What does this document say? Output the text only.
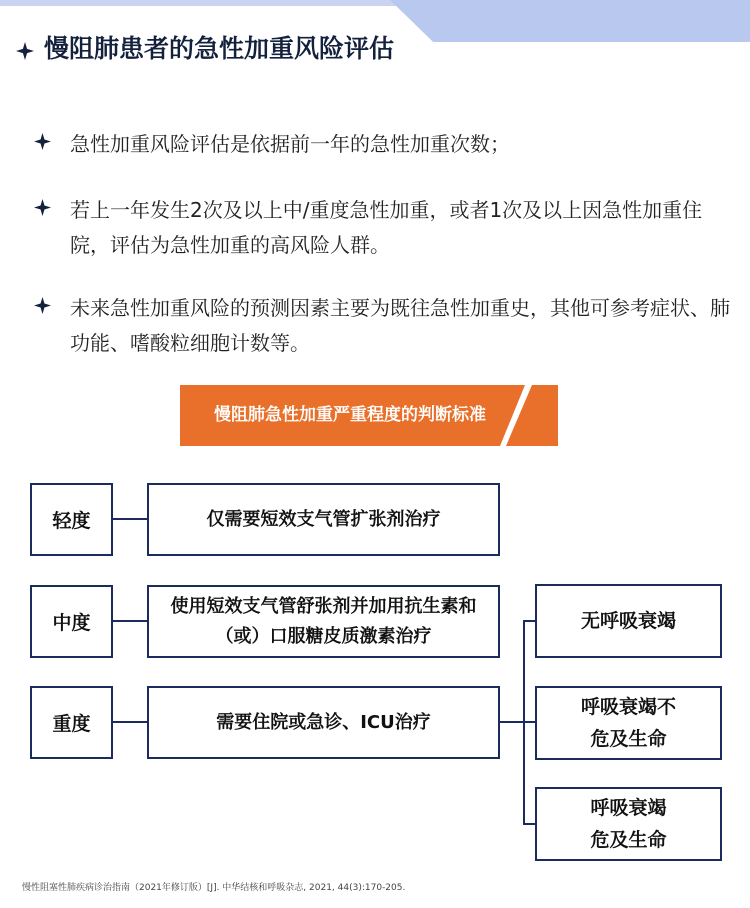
慢阻肺患者的急性加重风险评估
急性加重风险评估是依据前一年的急性加重次数；
若上一年发生2次及以上中/重度急性加重，或者1次及以上因急性加重住院，评估为急性加重的高风险人群。
未来急性加重风险的预测因素主要为既往急性加重史，其他可参考症状、肺功能、嗜酸粒细胞计数等。
慢阻肺急性加重严重程度的判断标准
轻度	仅需要短效支气管扩张剂治疗
中度
使用短效支气管舒张剂并加用抗生素和（或）口服糖皮质激素治疗
重度	需要住院或急诊、ICU治疗
无呼吸衰竭
呼吸衰竭不危及生命
呼吸衰竭危及生命
慢性阻塞性肺疾病诊治指南（2021年修订版）[J]. 中华结核和呼吸杂志, 2021, 44(3):170-205.
